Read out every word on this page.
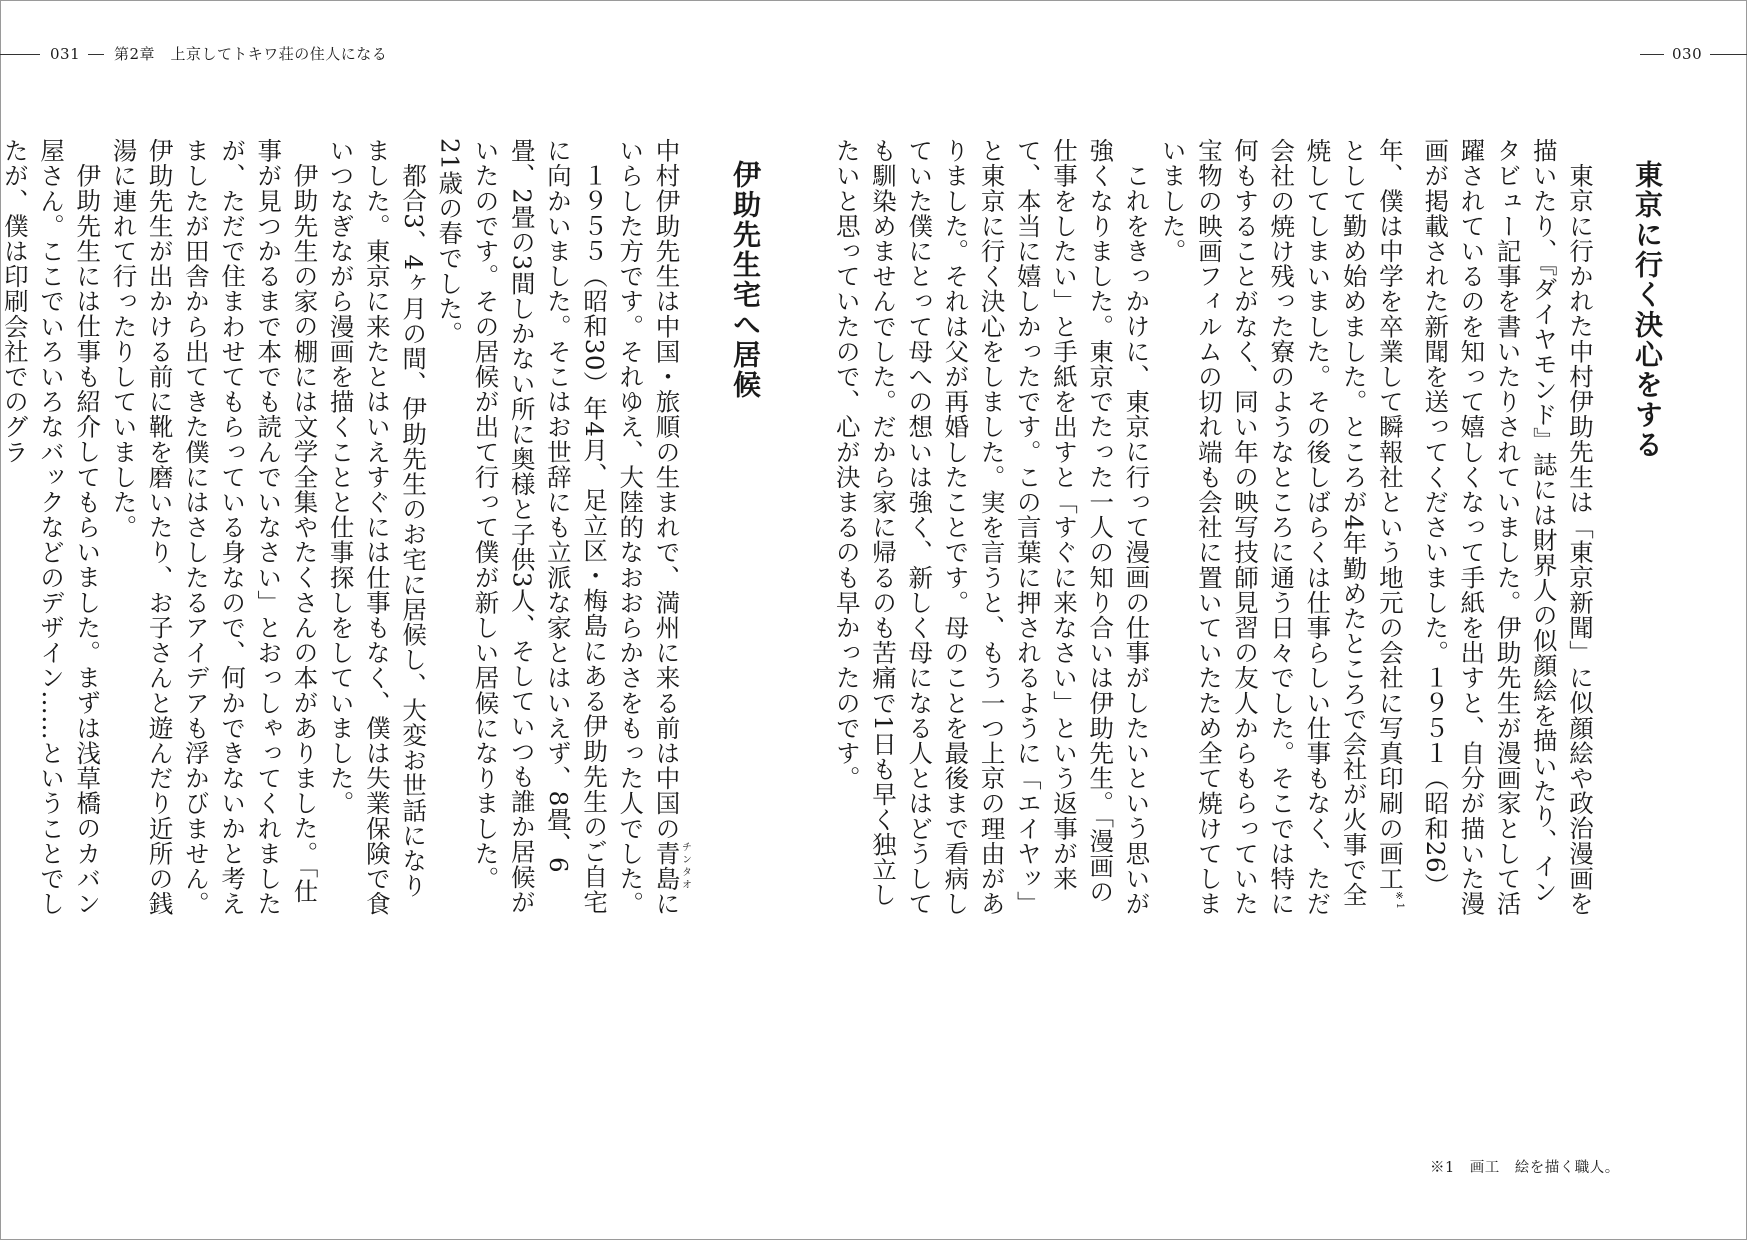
031 第2章　上京してトキワ荘の住人になる	030
東京に行く決心をする

東京に行かれた中村伊助先生は「東京新聞」に似顔絵や政治漫画を描いたり、『ダイヤモンド』誌には財界人の似顔絵を描いたり、インタビュー記事を書いたりされていました。伊助先生が漫画家として活躍されているのを知って嬉しくなって手紙を出すと、自分が描いた漫画が掲載された新聞を送ってくださいました。１９５１（昭和26）年、僕は中学を卒業して瞬報社という地元の会社に写真印刷の画工$^{※1}$として勤め始めました。ところが4年勤めたところで会社が火事で全焼してしまいました。その後しばらくは仕事らしい仕事もなく、ただ会社の焼け残った寮のようなところに通う日々でした。そこでは特に何もすることがなく、同い年の映写技師見習の友人からもらっていた宝物の映画フィルムの切れ端も会社に置いていたため全て焼けてしまいました。

これをきっかけに、東京に行って漫画の仕事がしたいという思いが強くなりました。東京でたった一人の知り合いは伊助先生。「漫画の仕事をしたい」と手紙を出すと「すぐに来なさい」という返事が来て、本当に嬉しかったです。この言葉に押されるように「エイヤッ」と東京に行く決心をしました。実を言うと、もう一つ上京の理由がありました。それは父が再婚したことです。母のことを最後まで看病していた僕にとって母への想いは強く、新しく母になる人とはどうしても馴染めませんでした。だから家に帰るのも苦痛で1日も早く独立したいと思っていたので、心が決まるのも早かったのです。

※1　画工　絵を描く職人。
伊助先生宅へ居候

中村伊助先生は中国・旅順の生まれで、満州に来る前は中国の青島チンタオにいらした方です。それゆえ、大陸的なおおらかさをもった人でした。

１９５５（昭和30）年4月、足立区・梅島にある伊助先生のご自宅に向かいました。そこはお世辞にも立派な家とはいえず、8畳、6畳、2畳の3間しかない所に奥様と子供3人、そしていつも誰か居候がいたのです。その居候が出て行って僕が新しい居候になりました。21歳の春でした。

都合3、4ヶ月の間、伊助先生のお宅に居候し、大変お世話になりました。東京に来たとはいえすぐには仕事もなく、僕は失業保険で食いつなぎながら漫画を描くことと仕事探しをしていました。

伊助先生の家の棚には文学全集やたくさんの本がありました。「仕事が見つかるまで本でも読んでいなさい」とおっしゃってくれましたが、ただで住まわせてもらっている身なので、何かできないかと考えましたが田舎から出てきた僕にはさしたるアイデアも浮かびません。伊助先生が出かける前に靴を磨いたり、お子さんと遊んだり近所の銭湯に連れて行ったりしていました。

伊助先生には仕事も紹介してもらいました。まずは浅草橋のカバン屋さん。ここでいろいろなバックなどのデザイン……ということでしたが、僕は印刷会社でのグラ
